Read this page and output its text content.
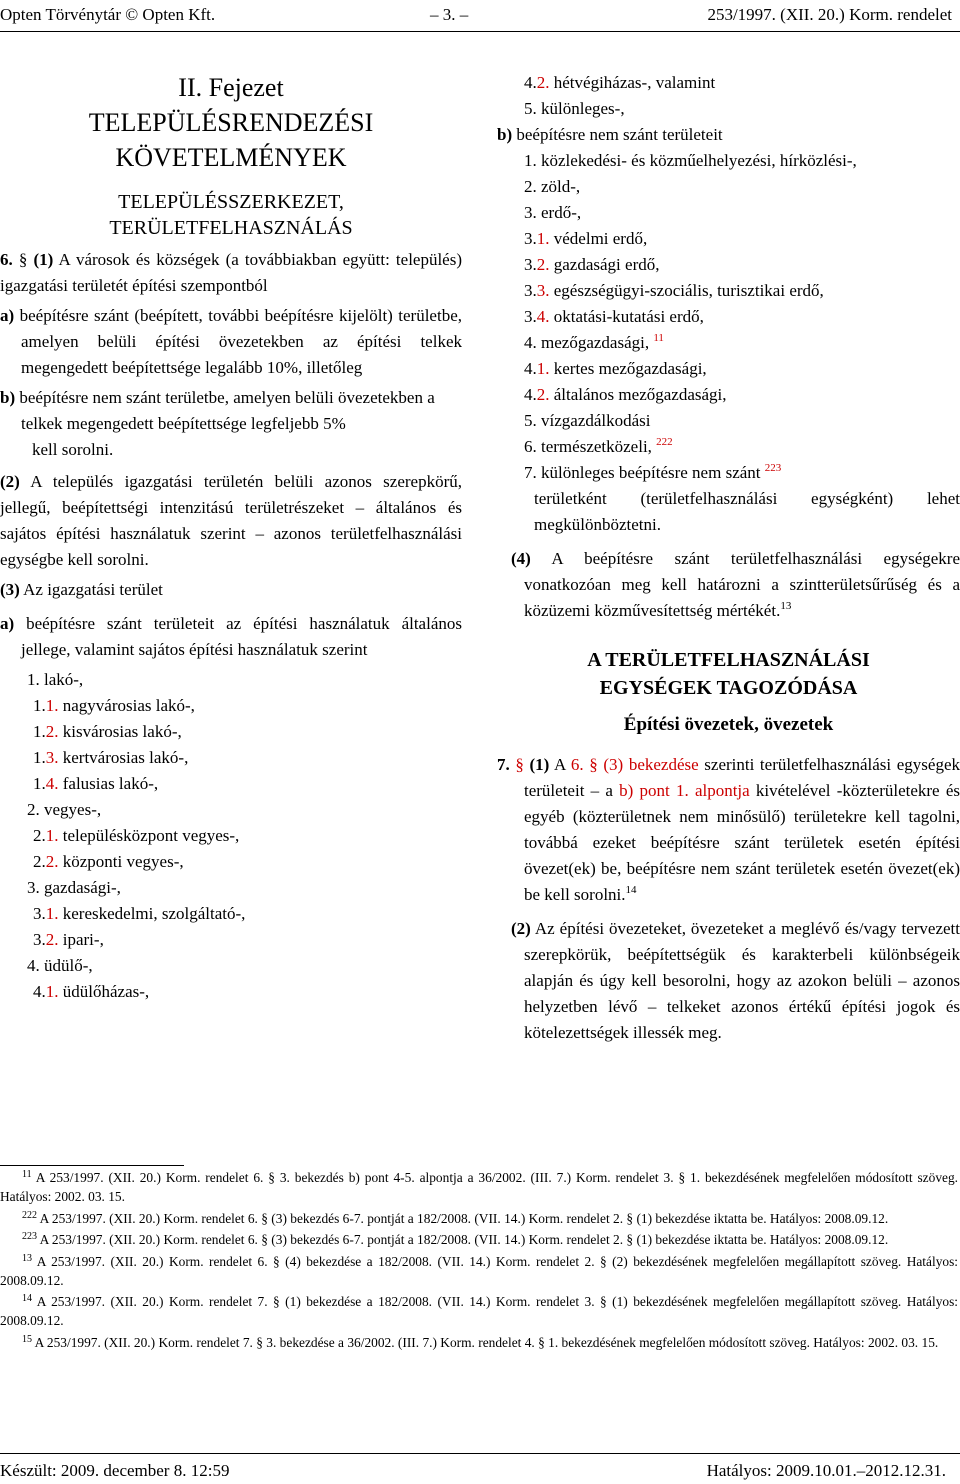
Opten Törvénytár © Opten Kft.	– 3. –	253/1997. (XII. 20.) Korm. rendelet

II. Fejezet

TELEPÜLÉSRENDEZÉSI

KÖVETELMÉNYEK

TELEPÜLÉSSZERKEZET,
TERÜLETFELHASZNÁLÁS

6. § (1) A városok és községek (a továbbiakban együtt: település) igazgatási területét építési szempontból

a) beépítésre szánt (beépített, további beépítésre kijelölt) területbe, amelyen belüli építési övezetekben az építési telkek megengedett beépítettsége legalább 10%, illetőleg

b) beépítésre nem szánt területbe, amelyen belüli övezetekben a telkek megengedett beépítettsége legfeljebb 5%

kell sorolni.

(2) A település igazgatási területén belüli azonos szerepkörű, jellegű, beépítettségi intenzitású területrészeket – általános és sajátos építési használatuk szerint – azonos területfelhasználási egységbe kell sorolni.

(3) Az igazgatási terület

a) beépítésre szánt területeit az építési használatuk általános jellege, valamint sajátos építési használatuk szerint

1. lakó-,

1.1. nagyvárosias lakó-,

1.2. kisvárosias lakó-,

1.3. kertvárosias lakó-,

1.4. falusias lakó-,

2. vegyes-,

2.1. településközpont vegyes-,

2.2. központi vegyes-,

3. gazdasági-,

3.1. kereskedelmi, szolgáltató-,

3.2. ipari-,

4. üdülő-,

4.1. üdülőházas-,

4.2. hétvégiházas-, valamint

5. különleges-,

b) beépítésre nem szánt területeit

1. közlekedési- és közműelhelyezési, hírközlési-,

2. zöld-,

3. erdő-,

3.1. védelmi erdő,

3.2. gazdasági erdő,

3.3. egészségügyi-szociális, turisztikai erdő,

3.4. oktatási-kutatási erdő,

4. mezőgazdasági, $^{11}$

4.1. kertes mezőgazdasági,

4.2. általános mezőgazdasági,

5. vízgazdálkodási

6. természetközeli, $^{222}$

7. különleges beépítésre nem szánt $^{223}$

területként (területfelhasználási egységként) lehet megkülönböztetni.

(4) A beépítésre szánt területfelhasználási egységekre vonatkozóan meg kell határozni a szintterületsűrűség és a közüzemi közművesítettség mértékét.$^{13}$

A TERÜLETFELHASZNÁLÁSI
EGYSÉGEK TAGOZÓDÁSA
Építési övezetek, övezetek

7. § (1) A 6. § (3) bekezdése szerinti területfelhasználási egységek területeit – a b) pont 1. alpontja kivételével -közterületekre és egyéb (közterületnek nem minősülő) területekre kell tagolni, továbbá ezeket beépítésre szánt területek esetén építési övezet(ek) be, beépítésre nem szánt területek esetén övezet(ek) be kell sorolni.$^{14}$

(2) Az építési övezeteket, övezeteket a meglévő és/vagy tervezett szerepkörük, beépítettségük és karakterbeli különbségeik alapján és úgy kell besorolni, hogy az azokon belüli – azonos helyzetben lévő – telkeket azonos értékű építési jogok és kötelezettségek illessék meg.

$^{11}$ A 253/1997. (XII. 20.) Korm. rendelet 6. § 3. bekezdés b) pont 4-5. alpontja a 36/2002. (III. 7.) Korm. rendelet 3. § 1. bekezdésének megfelelően módosított szöveg. Hatályos: 2002. 03. 15.

$^{222}$ A 253/1997. (XII. 20.) Korm. rendelet 6. § (3) bekezdés 6-7. pontját a 182/2008. (VII. 14.) Korm. rendelet 2. § (1) bekezdése iktatta be. Hatályos: 2008.09.12.

$^{223}$ A 253/1997. (XII. 20.) Korm. rendelet 6. § (3) bekezdés 6-7. pontját a 182/2008. (VII. 14.) Korm. rendelet 2. § (1) bekezdése iktatta be. Hatályos: 2008.09.12.

$^{13}$ A 253/1997. (XII. 20.) Korm. rendelet 6. § (4) bekezdése a 182/2008. (VII. 14.) Korm. rendelet 2. § (2) bekezdésének megfelelően megállapított szöveg. Hatályos: 2008.09.12.

$^{14}$ A 253/1997. (XII. 20.) Korm. rendelet 7. § (1) bekezdése a 182/2008. (VII. 14.) Korm. rendelet 3. § (1) bekezdésének megfelelően megállapított szöveg. Hatályos: 2008.09.12.

$^{15}$ A 253/1997. (XII. 20.) Korm. rendelet 7. § 3. bekezdése a 36/2002. (III. 7.) Korm. rendelet 4. § 1. bekezdésének megfelelően módosított szöveg. Hatályos: 2002. 03. 15.

Készült: 2009. december 8. 12:59	Hatályos: 2009.10.01.–2012.12.31.
